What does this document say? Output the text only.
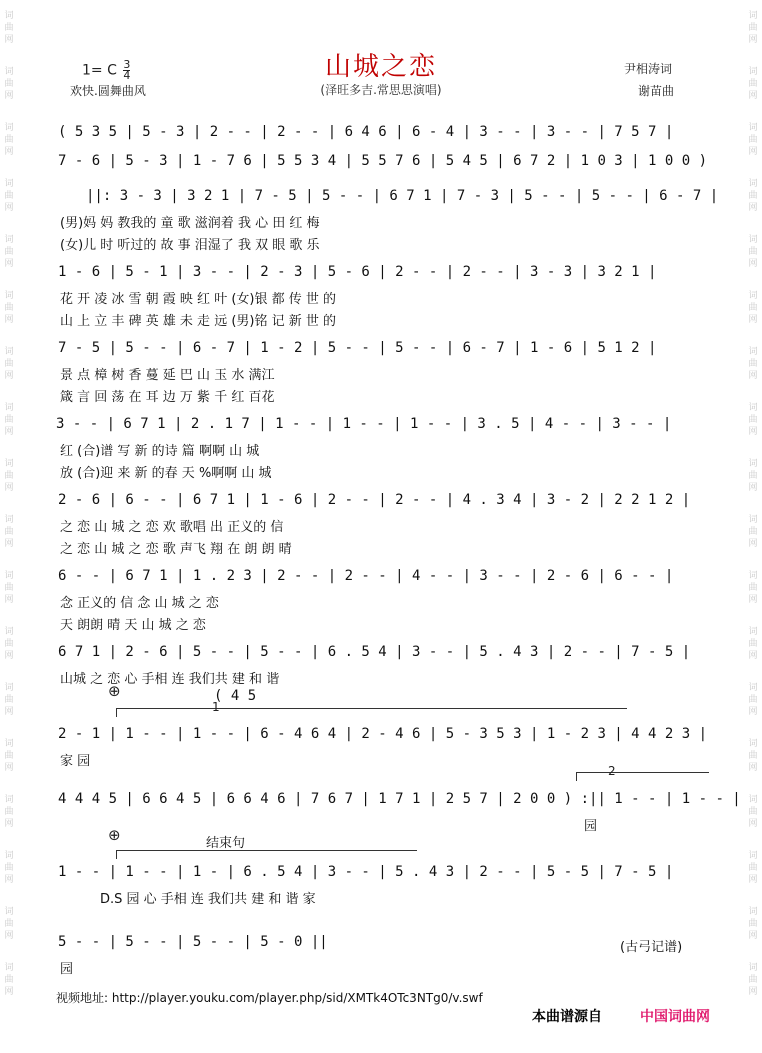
词
曲
网
词
曲
网
词
曲
网
词
曲
网
词
曲
网
词
曲
网
词
曲
网
词
曲
网
词
曲
网
词
曲
网
词
曲
网
词
曲
网
词
曲
网
词
曲
网
词
曲
网
词
曲
网
词
曲
网
词
曲
网
词
曲
网
词
曲
网
词
曲
网
词
曲
网
词
曲
网
词
曲
网
词
曲
网
词
曲
网
词
曲
网
词
曲
网
词
曲
网
词
曲
网
词
曲
网
词
曲
网
词
曲
网
词
曲
网
词
曲
网
词
曲
网
山城之恋
(泽旺多吉.常思思演唱)
1= C $\frac{3}{4}$
欢快.圆舞曲风
尹相涛词
谢苗曲
( 5 3 5 | 5 - 3 | 2 - - | 2 - - | 6 4 6 | 6 - 4 | 3 - - | 3 - - | 7 5 7 |
7 - 6 | 5 - 3 | 1 - 7 6 | 5 5 3 4 | 5 5 7 6 | 5 4 5 | 6 7 2 | 1 0 3 | 1 0 0 )
||: 3 - 3 | 3 2 1 | 7 - 5 | 5 - - | 6 7 1 | 7 - 3 | 5 - - | 5 - - | 6 - 7 |
(男)妈 妈 教我的 童 歌 滋润着 我 心 田 红 梅
(女)儿 时 听过的 故 事 泪湿了 我 双 眼 歌 乐
1 - 6 | 5 - 1 | 3 - - | 2 - 3 | 5 - 6 | 2 - - | 2 - - | 3 - 3 | 3 2 1 |
花 开 凌 冰 雪 朝 霞 映 红 叶 (女)银 都 传 世 的
山 上 立 丰 碑 英 雄 未 走 远 (男)铭 记 新 世 的
7 - 5 | 5 - - | 6 - 7 | 1 - 2 | 5 - - | 5 - - | 6 - 7 | 1 - 6 | 5 1 2 |
景 点 樟 树 香 蔓 延 巴 山 玉 水 满江
箴 言 回 荡 在 耳 边 万 紫 千 红 百花
3 - - | 6 7 1 | 2 . 1 7 | 1 - - | 1 - - | 1 - - | 3 . 5 | 4 - - | 3 - - |
红 (合)谱 写 新 的诗 篇 啊啊 山 城
放 (合)迎 来 新 的春 天 %啊啊 山 城
2 - 6 | 6 - - | 6 7 1 | 1 - 6 | 2 - - | 2 - - | 4 . 3 4 | 3 - 2 | 2 2 1 2 |
之 恋 山 城 之 恋 欢 歌唱 出 正义的 信
之 恋 山 城 之 恋 歌 声飞 翔 在 朗 朗 晴
6 - - | 6 7 1 | 1 . 2 3 | 2 - - | 2 - - | 4 - - | 3 - - | 2 - 6 | 6 - - |
念 正义的 信 念 山 城 之 恋
天 朗朗 晴 天 山 城 之 恋
6 7 1 | 2 - 6 | 5 - - | 5 - - | 6 . 5 4 | 3 - - | 5 . 4 3 | 2 - - | 7 - 5 |
山城 之 恋 心 手相 连 我们共 建 和 谐
2 - 1 | 1 - - | 1 - - | 6 - 4 6 4 | 2 - 4 6 | 5 - 3 5 3 | 1 - 2 3 | 4 4 2 3 |
家 园
4 4 4 5 | 6 6 4 5 | 6 6 4 6 | 7 6 7 | 1 7 1 | 2 5 7 | 2 0 0 ) :|| 1 - - | 1 - - |
园
1 - - | 1 - - | 1 - | 6 . 5 4 | 3 - - | 5 . 4 3 | 2 - - | 5 - 5 | 7 - 5 |
D.S 园 心 手相 连 我们共 建 和 谐 家
5 - - | 5 - - | 5 - - | 5 - 0 ||
园
⊕	( 4 5
1
2
⊕	结束句
(古弓记谱)
视频地址: http://player.youku.com/player.php/sid/XMTk4OTc3NTg0/v.swf
本曲谱源自	中国词曲网
